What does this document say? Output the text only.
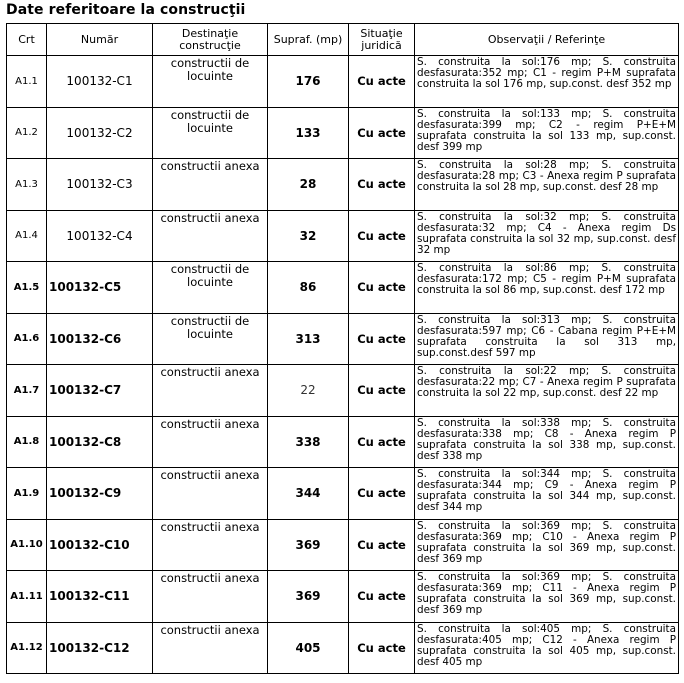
Date referitoare la construcţii
Crt	Număr	Destinaţie construcţie	Supraf. (mp)	Situaţie juridică	Observaţii / Referinţe
A1.1	100132-C1	constructii de locuinte	176	Cu acte	S. construita la sol:176 mp; S. construita desfasurata:352 mp; C1 - regim P+M suprafata construita la sol 176 mp, sup.const. desf 352 mp
A1.2	100132-C2	constructii de locuinte	133	Cu acte	S. construita la sol:133 mp; S. construita desfasurata:399 mp; C2 - regim P+E+M suprafata construita la sol 133 mp, sup.const. desf 399 mp
A1.3	100132-C3	constructii anexa	28	Cu acte	S. construita la sol:28 mp; S. construita desfasurata:28 mp; C3 - Anexa regim P suprafata construita la sol 28 mp, sup.const. desf 28 mp
A1.4	100132-C4	constructii anexa	32	Cu acte	S. construita la sol:32 mp; S. construita desfasurata:32 mp; C4 - Anexa regim Ds suprafata construita la sol 32 mp, sup.const. desf 32 mp
A1.5	100132-C5	constructii de locuinte	86	Cu acte	S. construita la sol:86 mp; S. construita desfasurata:172 mp; C5 - regim P+M suprafata construita la sol 86 mp, sup.const. desf 172 mp
A1.6	100132-C6	constructii de locuinte	313	Cu acte	S. construita la sol:313 mp; S. construita desfasurata:597 mp; C6 - Cabana regim P+E+M suprafata construita la sol 313 mp, sup.const.desf 597 mp
A1.7	100132-C7	constructii anexa	22	Cu acte	S. construita la sol:22 mp; S. construita desfasurata:22 mp; C7 - Anexa regim P suprafata construita la sol 22 mp, sup.const. desf 22 mp
A1.8	100132-C8	constructii anexa	338	Cu acte	S. construita la sol:338 mp; S. construita desfasurata:338 mp; C8 - Anexa regim P suprafata construita la sol 338 mp, sup.const. desf 338 mp
A1.9	100132-C9	constructii anexa	344	Cu acte	S. construita la sol:344 mp; S. construita desfasurata:344 mp; C9 - Anexa regim P suprafata construita la sol 344 mp, sup.const. desf 344 mp
A1.10	100132-C10	constructii anexa	369	Cu acte	S. construita la sol:369 mp; S. construita desfasurata:369 mp; C10 - Anexa regim P suprafata construita la sol 369 mp, sup.const. desf 369 mp
A1.11	100132-C11	constructii anexa	369	Cu acte	S. construita la sol:369 mp; S. construita desfasurata:369 mp; C11 - Anexa regim P suprafata construita la sol 369 mp, sup.const. desf 369 mp
A1.12	100132-C12	constructii anexa	405	Cu acte	S. construita la sol:405 mp; S. construita desfasurata:405 mp; C12 - Anexa regim P suprafata construita la sol 405 mp, sup.const. desf 405 mp
